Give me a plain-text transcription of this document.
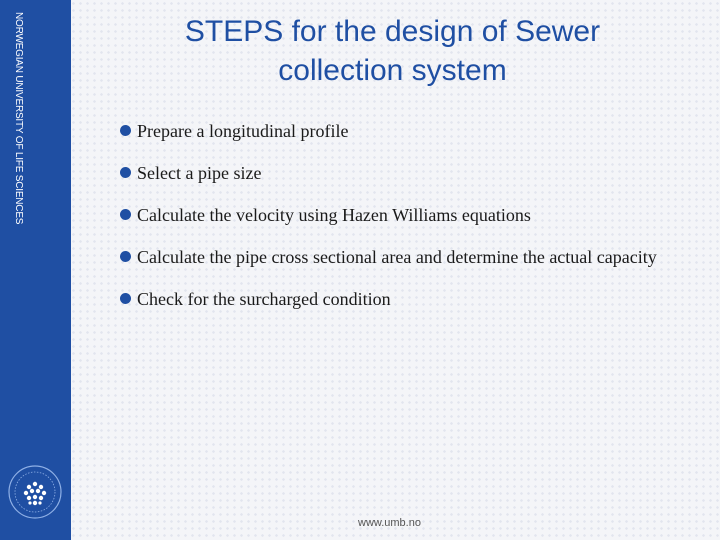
NORWEGIAN UNIVERSITY OF LIFE SCIENCES	STEPS for the design of Sewer
collection system
Prepare a longitudinal profile
Select a pipe size
Calculate the velocity using Hazen Williams equations
Calculate the pipe cross sectional area and determine the actual capacity
Check for the surcharged condition
www.umb.no
